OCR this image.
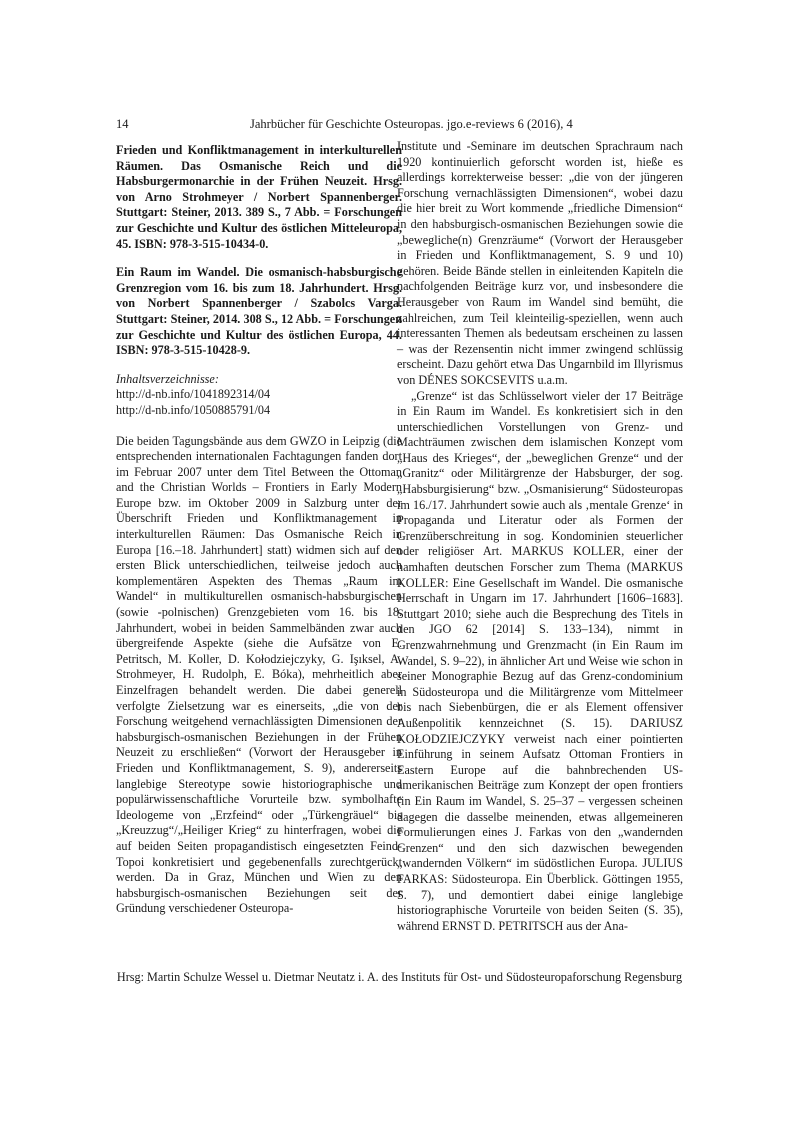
14	Jahrbücher für Geschichte Osteuropas. jgo.e-reviews 6 (2016), 4

Frieden und Konfliktmanagement in interkulturellen Räumen. Das Osmanische Reich und die Habsburgermonarchie in der Frühen Neuzeit. Hrsg. von Arno Strohmeyer / Norbert Spannenberger. Stuttgart: Steiner, 2013. 389 S., 7 Abb. = Forschungen zur Geschichte und Kultur des östlichen Mitteleuropa, 45. ISBN: 978-3-515-10434-0.

Ein Raum im Wandel. Die osmanisch-habsburgische Grenzregion vom 16. bis zum 18. Jahrhundert. Hrsg. von Norbert Spannenberger / Szabolcs Varga. Stuttgart: Steiner, 2014. 308 S., 12 Abb. = Forschungen zur Geschichte und Kultur des östlichen Europa, 44. ISBN: 978-3-515-10428-9.

Inhaltsverzeichnisse:

http://d-nb.info/1041892314/04

http://d-nb.info/1050885791/04

Die beiden Tagungsbände aus dem GWZO in Leipzig (die entsprechenden internationalen Fachtagungen fanden dort im Februar 2007 unter dem Titel Between the Ottoman and the Christian Worlds – Frontiers in Early Modern Europe bzw. im Oktober 2009 in Salzburg unter der Überschrift Frieden und Konfliktmanagement in interkulturellen Räumen: Das Osmanische Reich in Europa [16.–18. Jahrhundert] statt) widmen sich auf den ersten Blick unterschiedlichen, teilweise jedoch auch komplementären Aspekten des Themas „Raum im Wandel“ in multikulturellen osmanisch-habsburgischen (sowie -polnischen) Grenzgebieten vom 16. bis 18. Jahrhundert, wobei in beiden Sammelbänden zwar auch übergreifende Aspekte (siehe die Aufsätze von E. Petritsch, M. Koller, D. Kołodziejczyky, G. Işıksel, A. Strohmeyer, H. Rudolph, E. Bóka), mehrheitlich aber Einzelfragen behandelt werden. Die dabei generell verfolgte Zielsetzung war es einerseits, „die von der Forschung weitgehend vernachlässigten Dimensionen der habsburgisch-osmanischen Beziehungen in der Frühen Neuzeit zu erschließen“ (Vorwort der Herausgeber in Frieden und Konfliktmanagement, S. 9), andererseits langlebige Stereotype sowie historiographische und populärwissenschaftliche Vorurteile bzw. symbolhafte Ideologeme von „Erzfeind“ oder „Türkengräuel“ bis „Kreuzzug“/„Heiliger Krieg“ zu hinterfragen, wobei die auf beiden Seiten propagandistisch eingesetzten Feind-Topoi konkretisiert und gegebenenfalls zurechtgerückt werden. Da in Graz, München und Wien zu den habsburgisch-osmanischen Beziehungen seit der Gründung verschiedener Osteuropa-

Institute und -Seminare im deutschen Sprachraum nach 1920 kontinuierlich geforscht worden ist, hieße es allerdings korrekterweise besser: „die von der jüngeren Forschung vernachlässigten Dimensionen“, wobei dazu die hier breit zu Wort kommende „friedliche Dimension“ in den habsburgisch-osmanischen Beziehungen sowie die „bewegliche(n) Grenzräume“ (Vorwort der Herausgeber in Frieden und Konfliktmanagement, S. 9 und 10) gehören. Beide Bände stellen in einleitenden Kapiteln die nachfolgenden Beiträge kurz vor, und insbesondere die Herausgeber von Raum im Wandel sind bemüht, die zahlreichen, zum Teil kleinteilig-speziellen, wenn auch interessanten Themen als bedeutsam erscheinen zu lassen – was der Rezensentin nicht immer zwingend schlüssig erscheint. Dazu gehört etwa Das Ungarnbild im Illyrismus von DÉNES SOKCSEVITS u.a.m.

„Grenze“ ist das Schlüsselwort vieler der 17 Beiträge in Ein Raum im Wandel. Es konkretisiert sich in den unterschiedlichen Vorstellungen von Grenz- und Machträumen zwischen dem islamischen Konzept vom „Haus des Krieges“, der „beweglichen Grenze“ und der „Granitz“ oder Militärgrenze der Habsburger, der sog. „Habsburgisierung“ bzw. „Osmanisierung“ Südosteuropas im 16./17. Jahrhundert sowie auch als ‚mentale Grenze‘ in Propaganda und Literatur oder als Formen der Grenzüberschreitung in sog. Kondominien steuerlicher oder religiöser Art. MARKUS KOLLER, einer der namhaften deutschen Forscher zum Thema (MARKUS KOLLER: Eine Gesellschaft im Wandel. Die osmanische Herrschaft in Ungarn im 17. Jahrhundert [1606–1683]. Stuttgart 2010; siehe auch die Besprechung des Titels in den JGO 62 [2014] S. 133–134), nimmt in Grenzwahrnehmung und Grenzmacht (in Ein Raum im Wandel, S. 9–22), in ähnlicher Art und Weise wie schon in seiner Monographie Bezug auf das Grenz-condominium in Südosteuropa und die Militärgrenze vom Mittelmeer bis nach Siebenbürgen, die er als Element offensiver Außenpolitik kennzeichnet (S. 15). DARIUSZ KOŁODZIEJCZYKY verweist nach einer pointierten Einführung in seinem Aufsatz Ottoman Frontiers in Eastern Europe auf die bahnbrechenden US-amerikanischen Beiträge zum Konzept der open frontiers (in Ein Raum im Wandel, S. 25–37 – vergessen scheinen dagegen die dasselbe meinenden, etwas allgemeineren Formulierungen eines J. Farkas von den „wandernden Grenzen“ und den sich dazwischen bewegenden „wandernden Völkern“ im südöstlichen Europa. JULIUS FARKAS: Südosteuropa. Ein Überblick. Göttingen 1955, S. 7), und demontiert dabei einige langlebige historiographische Vorurteile von beiden Seiten (S. 35), während ERNST D. PETRITSCH aus der Ana-

Hrsg: Martin Schulze Wessel u. Dietmar Neutatz i. A. des Instituts für Ost- und Südosteuropaforschung Regensburg
